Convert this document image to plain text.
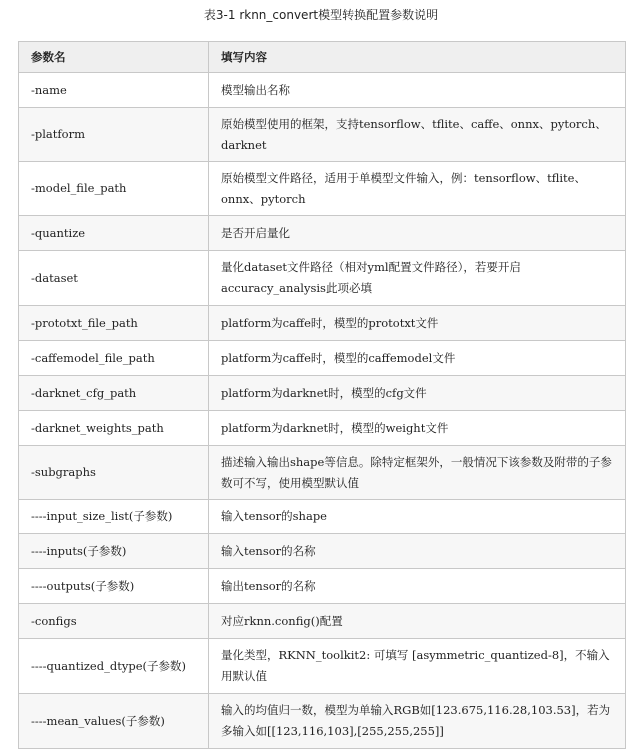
表3-1 rknn_convert模型转换配置参数说明
参数名	填写内容
-name	模型输出名称
-platform	原始模型使用的框架，支持tensorflow、tflite、caffe、onnx、pytorch、darknet
-model_file_path	原始模型文件路径，适用于单模型文件输入，例：tensorflow、tflite、onnx、pytorch
-quantize	是否开启量化
-dataset	量化dataset文件路径（相对yml配置文件路径），若要开启accuracy_analysis此项必填
-prototxt_file_path	platform为caffe时，模型的prototxt文件
-caffemodel_file_path	platform为caffe时，模型的caffemodel文件
-darknet_cfg_path	platform为darknet时，模型的cfg文件
-darknet_weights_path	platform为darknet时，模型的weight文件
-subgraphs	描述输入输出shape等信息。除特定框架外，一般情况下该参数及附带的子参数可不写，使用模型默认值
----input_size_list(子参数)	输入tensor的shape
----inputs(子参数)	输入tensor的名称
----outputs(子参数)	输出tensor的名称
-configs	对应rknn.config()配置
----quantized_dtype(子参数)	量化类型，RKNN_toolkit2: 可填写 [asymmetric_quantized-8]，不输入用默认值
----mean_values(子参数)	输入的均值归一数，模型为单输入RGB如[123.675,116.28,103.53]，若为多输入如[[123,116,103],[255,255,255]]
